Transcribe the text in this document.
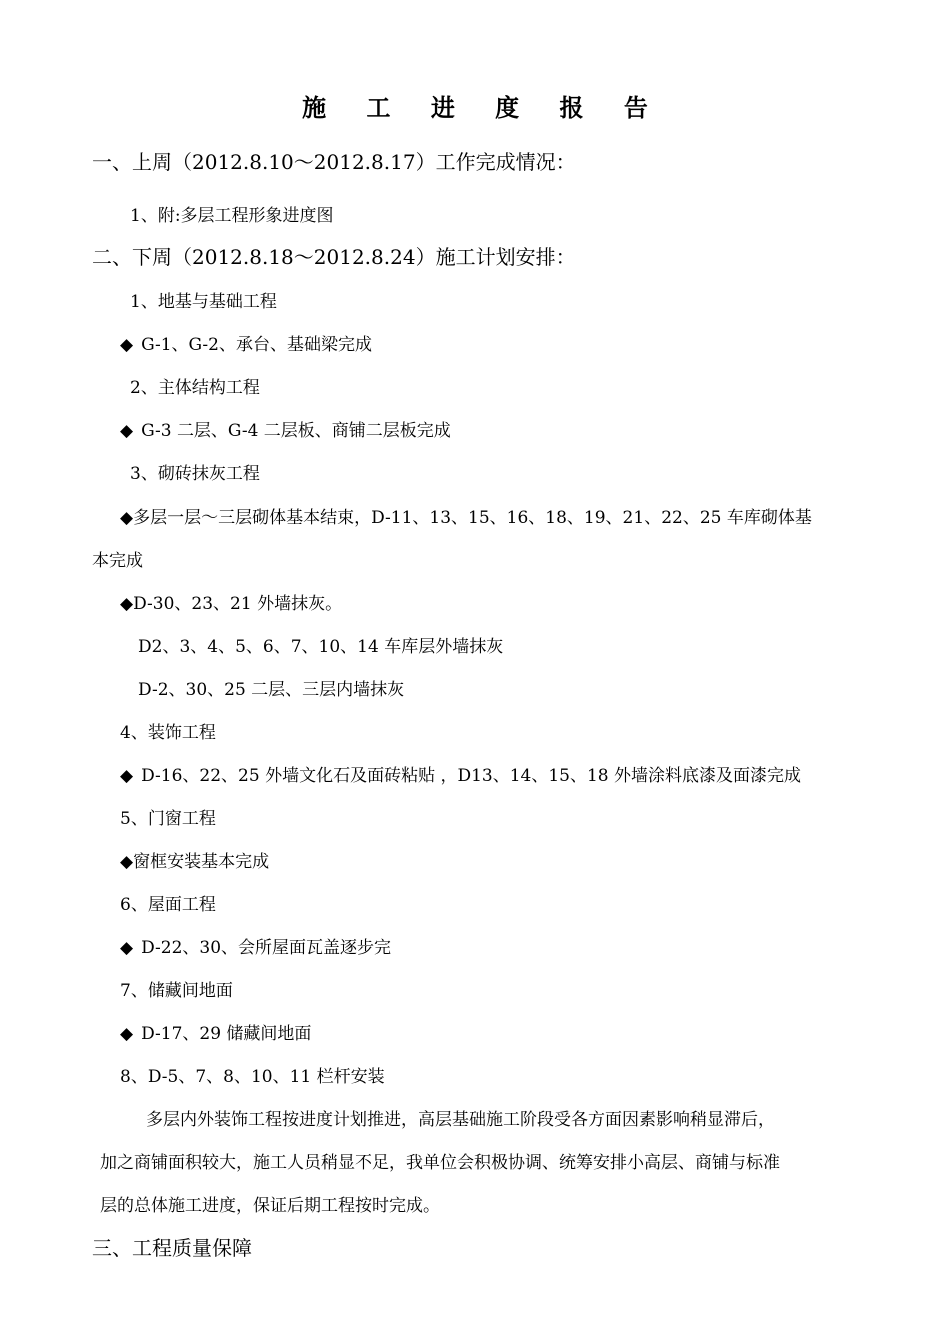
施 工 进 度 报 告
一、上周（2012.8.10～2012.8.17）工作完成情况：
1、附:多层工程形象进度图
二、下周（2012.8.18～2012.8.24）施工计划安排：
1、地基与基础工程
◆ G-1、G-2、承台、基础梁完成
2、主体结构工程
◆ G-3 二层、G-4 二层板、商铺二层板完成
3、砌砖抹灰工程
◆多层一层～三层砌体基本结束，D-11、13、15、16、18、19、21、22、25 车库砌体基
本完成
◆D-30、23、21 外墙抹灰。
D2、3、4、5、6、7、10、14 车库层外墙抹灰
D-2、30、25 二层、三层内墙抹灰
4、装饰工程
◆ D-16、22、25 外墙文化石及面砖粘贴 ，D13、14、15、18 外墙涂料底漆及面漆完成
5、门窗工程
◆窗框安装基本完成
6、屋面工程
◆ D-22、30、会所屋面瓦盖逐步完
7、储藏间地面
◆ D-17、29 储藏间地面
8、D-5、7、8、10、11 栏杆安装
多层内外装饰工程按进度计划推进，高层基础施工阶段受各方面因素影响稍显滞后，
加之商铺面积较大，施工人员稍显不足，我单位会积极协调、统筹安排小高层、商铺与标准
层的总体施工进度，保证后期工程按时完成。
三、工程质量保障
